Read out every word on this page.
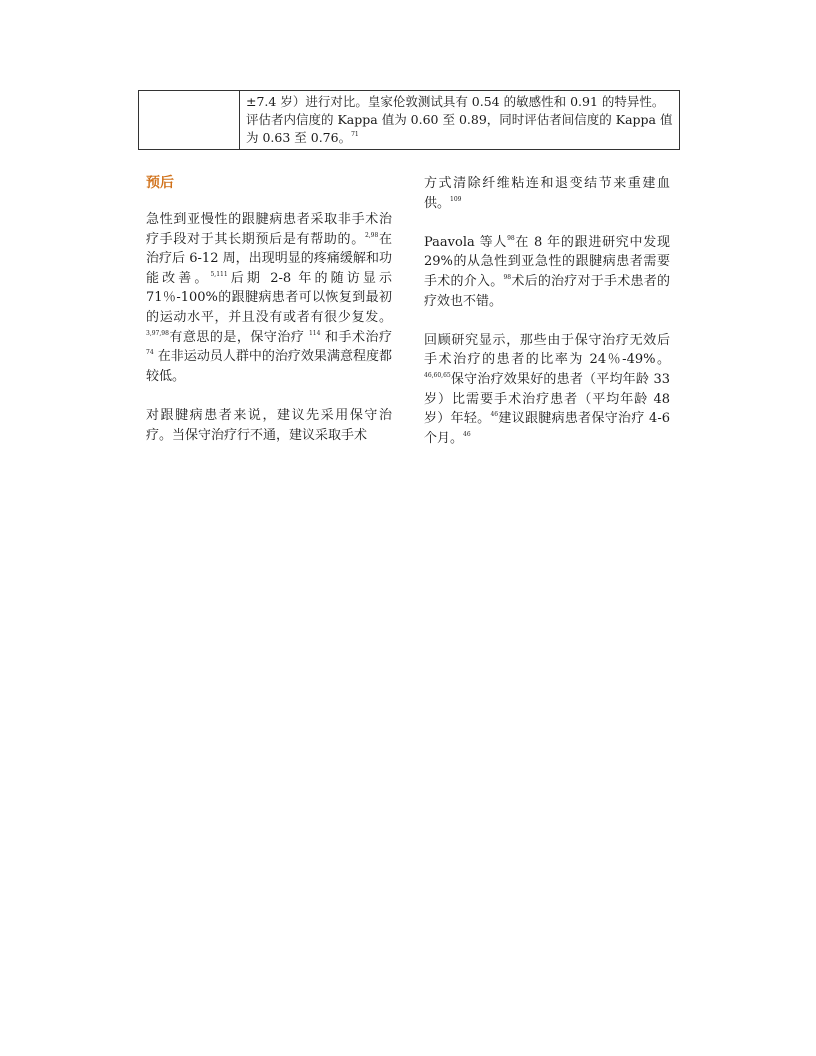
	±7.4 岁）进行对比。皇家伦敦测试具有 0.54 的敏感性和 0.91 的特异性。评估者内信度的 Kappa 值为 0.60 至 0.89，同时评估者间信度的 Kappa 值为 0.63 至 0.76。$^{71}$
预后

急性到亚慢性的跟腱病患者采取非手术治疗手段对于其长期预后是有帮助的。$^{2,98}$在治疗后 6-12 周，出现明显的疼痛缓解和功能改善。$^{5,111}$后期 2-8 年的随访显示 71％-100%的跟腱病患者可以恢复到最初的运动水平，并且没有或者有很少复发。$^{3,97,98}$有意思的是，保守治疗 $^{114}$ 和手术治疗 $^{74}$ 在非运动员人群中的治疗效果满意程度都较低。

对跟腱病患者来说，建议先采用保守治疗。当保守治疗行不通，建议采取手术

方式清除纤维粘连和退变结节来重建血供。$^{109}$

Paavola 等人$^{98}$在 8 年的跟进研究中发现 29%的从急性到亚急性的跟腱病患者需要手术的介入。$^{98}$术后的治疗对于手术患者的疗效也不错。

回顾研究显示，那些由于保守治疗无效后手术治疗的患者的比率为 24％-49%。$^{46,60,65}$保守治疗效果好的患者（平均年龄 33 岁）比需要手术治疗患者（平均年龄 48 岁）年轻。$^{46}$建议跟腱病患者保守治疗 4-6 个月。$^{46}$
